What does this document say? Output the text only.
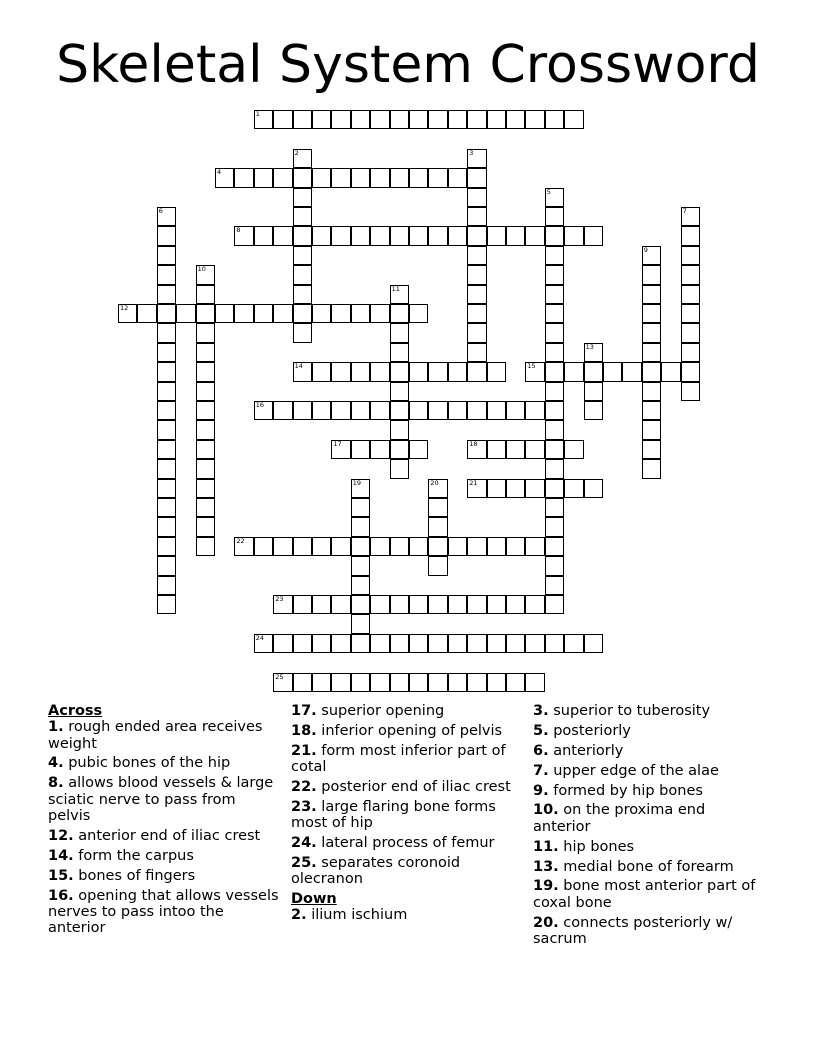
Skeletal System Crossword
1
2	3
4
5
6	7
8
9
10
11
12
13
14	15
16
17	18
19	20	21
22
23
24
25
Across
1. rough ended area receives weight
4. pubic bones of the hip
8. allows blood vessels & large sciatic nerve to pass from pelvis
12. anterior end of iliac crest
14. form the carpus
15. bones of fingers
16. opening that allows vessels nerves to pass intoo the anterior
17. superior opening
18. inferior opening of pelvis
21. form most inferior part of cotal
22. posterior end of iliac crest
23. large flaring bone forms most of hip
24. lateral process of femur
25. separates coronoid olecranon
Down
2. ilium ischium
3. superior to tuberosity
5. posteriorly
6. anteriorly
7. upper edge of the alae
9. formed by hip bones
10. on the proxima end anterior
11. hip bones
13. medial bone of forearm
19. bone most anterior part of coxal bone
20. connects posteriorly w/ sacrum
